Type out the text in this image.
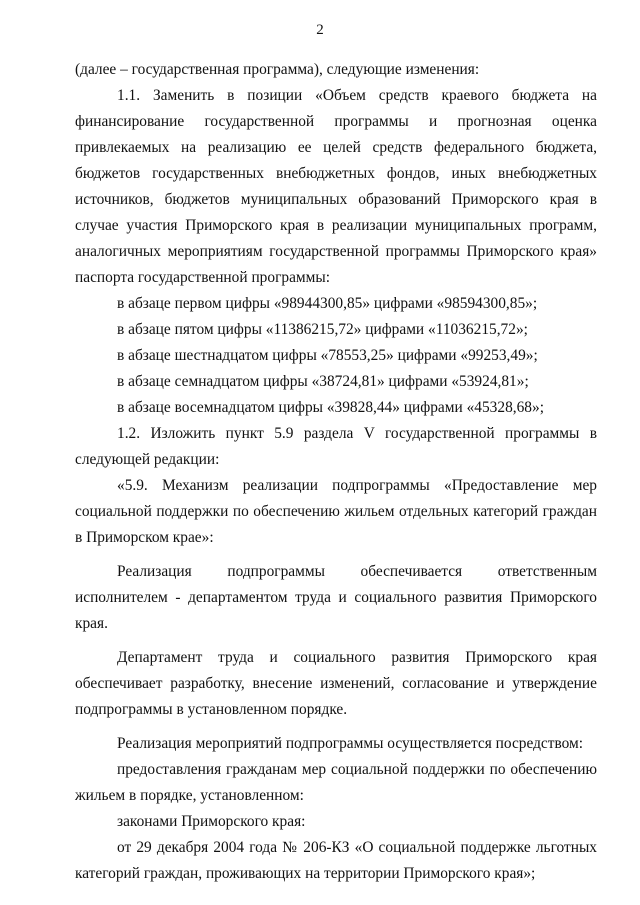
2

(далее – государственная программа), следующие изменения:

1.1. Заменить в позиции «Объем средств краевого бюджета на финансирование государственной программы и прогнозная оценка привлекаемых на реализацию ее целей средств федерального бюджета, бюджетов государственных внебюджетных фондов, иных внебюджетных источников, бюджетов муниципальных образований Приморского края в случае участия Приморского края в реализации муниципальных программ, аналогичных мероприятиям государственной программы Приморского края» паспорта государственной программы:

в абзаце первом цифры «98944300,85» цифрами «98594300,85»;

в абзаце пятом цифры «11386215,72» цифрами «11036215,72»;

в абзаце шестнадцатом цифры «78553,25» цифрами «99253,49»;

в абзаце семнадцатом цифры «38724,81» цифрами «53924,81»;

в абзаце восемнадцатом цифры «39828,44» цифрами «45328,68»;

1.2. Изложить пункт 5.9 раздела V государственной программы в следующей редакции:

«5.9. Механизм реализации подпрограммы «Предоставление мер социальной поддержки по обеспечению жильем отдельных категорий граждан в Приморском крае»:

Реализация подпрограммы обеспечивается ответственным исполнителем - департаментом труда и социального развития Приморского края.

Департамент труда и социального развития Приморского края обеспечивает разработку, внесение изменений, согласование и утверждение подпрограммы в установленном порядке.

Реализация мероприятий подпрограммы осуществляется посредством:

предоставления гражданам мер социальной поддержки по обеспечению жильем в порядке, установленном:

законами Приморского края:

от 29 декабря 2004 года № 206-КЗ «О социальной поддержке льготных категорий граждан, проживающих на территории Приморского края»;
